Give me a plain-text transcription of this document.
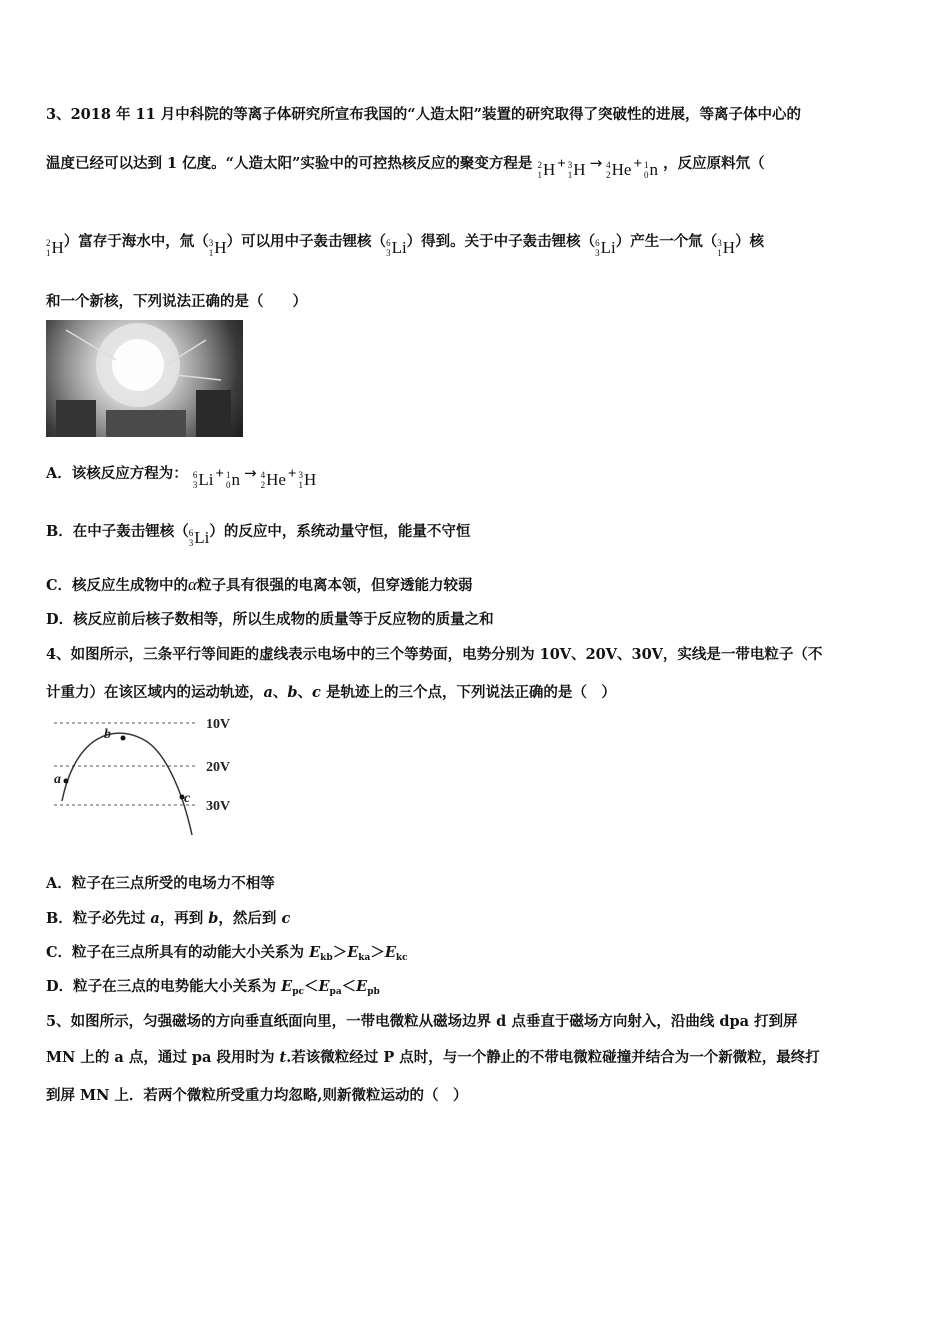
3、2018 年 11 月中科院的等离子体研究所宣布我国的“人造太阳”装置的研究取得了突破性的进展，等离子体中心的
温度已经可以达到 1 亿度。“人造太阳”实验中的可控热核反应的聚变方程是 2
1 H + 3
1 H → 4
2 He + 1
0 n ，反应原料氘（
2
1 H ）富存于海水中，氚（ 3
1 H ）可以用中子轰击锂核（ 6
3 Li ）得到。关于中子轰击锂核（ 6
3 Li ）产生一个氚（ 3
1 H ）核
和一个新核，下列说法正确的是（　　）
A．该核反应方程为： 6
3 Li + 1
0 n → 4
2 He + 3
1 H
B．在中子轰击锂核（ 6
3 Li ）的反应中，系统动量守恒，能量不守恒
C．核反应生成物中的α粒子具有很强的电离本领，但穿透能力较弱
D．核反应前后核子数相等，所以生成物的质量等于反应物的质量之和
4、如图所示，三条平行等间距的虚线表示电场中的三个等势面，电势分别为 10V、20V、30V，实线是一带电粒子（不
计重力）在该区域内的运动轨迹，a、b、c 是轨迹上的三个点，下列说法正确的是（　）
10V
20V
30V
a
b
c
A．粒子在三点所受的电场力不相等
B．粒子必先过 a，再到 b，然后到 c
C．粒子在三点所具有的动能大小关系为 $E_{kb}>E_{ka}>E_{kc}$
D．粒子在三点的电势能大小关系为 $E_{pc}<E_{pa}<E_{pb}$
5、如图所示，匀强磁场的方向垂直纸面向里，一带电微粒从磁场边界 d 点垂直于磁场方向射入，沿曲线 dpa 打到屏
MN 上的 a 点，通过 pa 段用时为 t.若该微粒经过 P 点时，与一个静止的不带电微粒碰撞并结合为一个新微粒，最终打
到屏 MN 上．若两个微粒所受重力均忽略,则新微粒运动的（　）
